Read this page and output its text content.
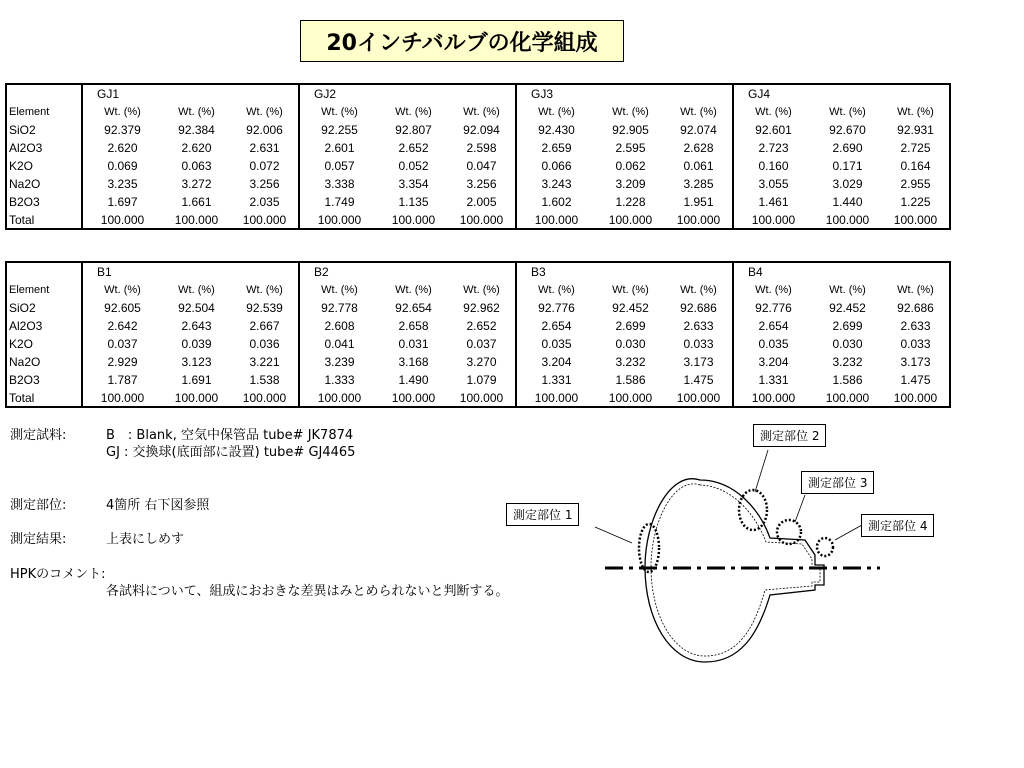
20インチバルブの化学組成
	GJ1			GJ2			GJ3			GJ4		
Element	Wt. (%)	Wt. (%)	Wt. (%)	Wt. (%)	Wt. (%)	Wt. (%)	Wt. (%)	Wt. (%)	Wt. (%)	Wt. (%)	Wt. (%)	Wt. (%)
SiO2	92.379	92.384	92.006	92.255	92.807	92.094	92.430	92.905	92.074	92.601	92.670	92.931
Al2O3	2.620	2.620	2.631	2.601	2.652	2.598	2.659	2.595	2.628	2.723	2.690	2.725
K2O	0.069	0.063	0.072	0.057	0.052	0.047	0.066	0.062	0.061	0.160	0.171	0.164
Na2O	3.235	3.272	3.256	3.338	3.354	3.256	3.243	3.209	3.285	3.055	3.029	2.955
B2O3	1.697	1.661	2.035	1.749	1.135	2.005	1.602	1.228	1.951	1.461	1.440	1.225
Total	100.000	100.000	100.000	100.000	100.000	100.000	100.000	100.000	100.000	100.000	100.000	100.000
	B1			B2			B3			B4		
Element	Wt. (%)	Wt. (%)	Wt. (%)	Wt. (%)	Wt. (%)	Wt. (%)	Wt. (%)	Wt. (%)	Wt. (%)	Wt. (%)	Wt. (%)	Wt. (%)
SiO2	92.605	92.504	92.539	92.778	92.654	92.962	92.776	92.452	92.686	92.776	92.452	92.686
Al2O3	2.642	2.643	2.667	2.608	2.658	2.652	2.654	2.699	2.633	2.654	2.699	2.633
K2O	0.037	0.039	0.036	0.041	0.031	0.037	0.035	0.030	0.033	0.035	0.030	0.033
Na2O	2.929	3.123	3.221	3.239	3.168	3.270	3.204	3.232	3.173	3.204	3.232	3.173
B2O3	1.787	1.691	1.538	1.333	1.490	1.079	1.331	1.586	1.475	1.331	1.586	1.475
Total	100.000	100.000	100.000	100.000	100.000	100.000	100.000	100.000	100.000	100.000	100.000	100.000
測定試料:	B　: Blank, 空気中保管品 tube# JK7874
GJ : 交換球(底面部に設置) tube# GJ4465
測定部位:	4箇所 右下図参照
測定結果:	上表にしめす
HPKのコメント:
各試料について、組成におおきな差異はみとめられないと判断する。
測定部位 1
測定部位 2
測定部位 3
測定部位 4
